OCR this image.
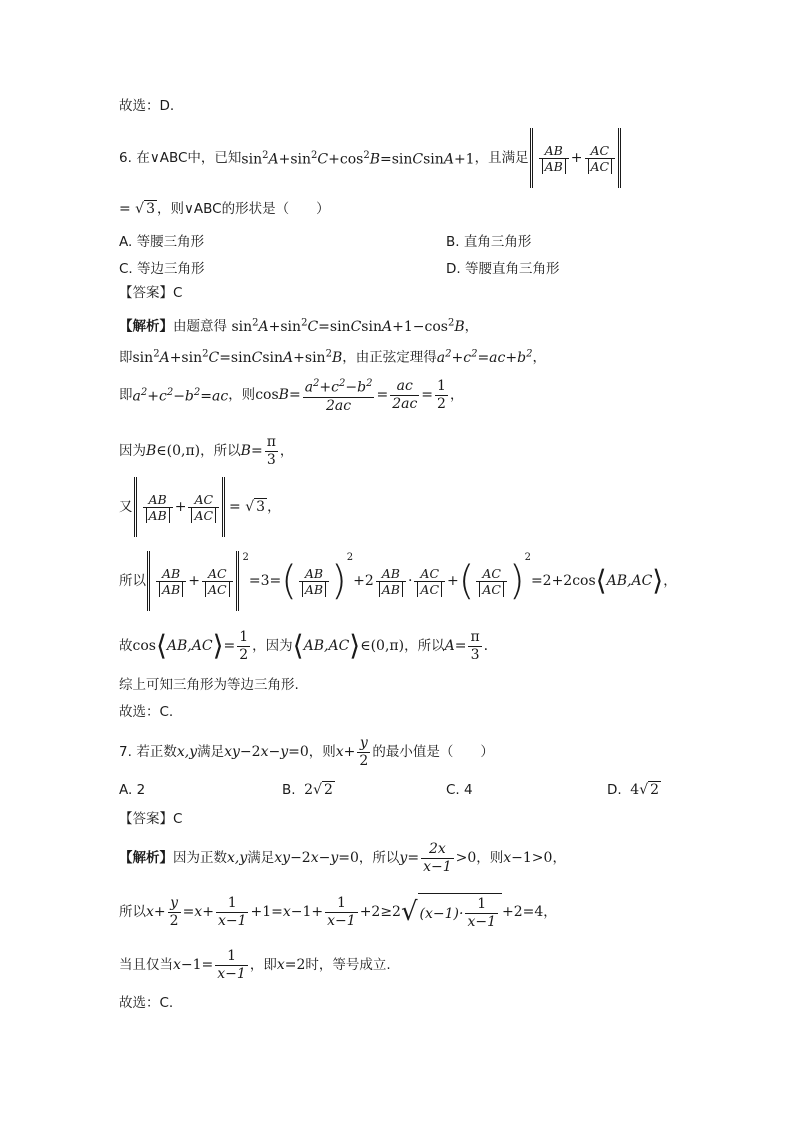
故选：D.
6.
在∨ABC中，已知 $\sin^2A+\sin^2C+\cos^2B=sinCsinA+1$ ，且满足	AB
AB + $\frac{AC}{AC}$
= √ 3 ，则∨ABC的形状是（　　）
A. 等腰三角形	B. 直角三角形
C. 等边三角形	D. 等腰直角三角形
【答案】C
【解析】由题意得 $\sin^2A+\sin^2C=sinCsinA+1-\cos^2B$，
即$\sin^2A+\sin^2C=sinCsinA+\sin^2B$，由正弦定理得$a^2+c^2=ac+b^2$，
即 $a^2+c^2-b^2=ac$ ，则 $\cos B= \frac{a^2+c^2-b^2}{2ac} = \frac{ac}{2ac} = \frac{1}{2}$ ，
因为 B∈(0,π) ，所以 $B= \frac{\pi}{3}$ ，
又	AB
AB + $\frac{AC}{AC}$ = √ 3 ，
所以	AB
AB + $\frac{AC}{AC}$
2
=3= ( AB
AB )
2
+2 AB
AB · AC
AC + ( AC
AC )
2
=2+2cos ⟨ AB,AC ⟩ ，
故 cos ⟨ AB,AC ⟩ = $\frac{1}{2}$ ，因为 ⟨ AB,AC ⟩ ∈(0,π) ，所以 $A= \frac{\pi}{3}$ .
综上可知三角形为等边三角形.
故选：C.
7.
若正数 x,y 满足 xy −2 x − y =0 ，则 $x + \frac{y}{2}$ 的最小值是（　　）
A. 2	B. 2√ 2	C. 4	D. 4√ 2
【答案】C
【解析】 因为正数 x,y 满足 xy −2 x − y =0 ，所以 $y = \frac{2x}{x-1} >0$ ，则 x −1>0 ，
所以 $x + \frac{y}{2} = x + \frac{1}{x-1} +1= x -1+ \frac{1}{x-1} +2\ge 2$ √ $(x-1)\cdot \frac{1}{x-1} +2=4$ ，
当且仅当 $x -1= \frac{1}{x-1}$ ，即 x =2 时，等号成立.
故选：C.
